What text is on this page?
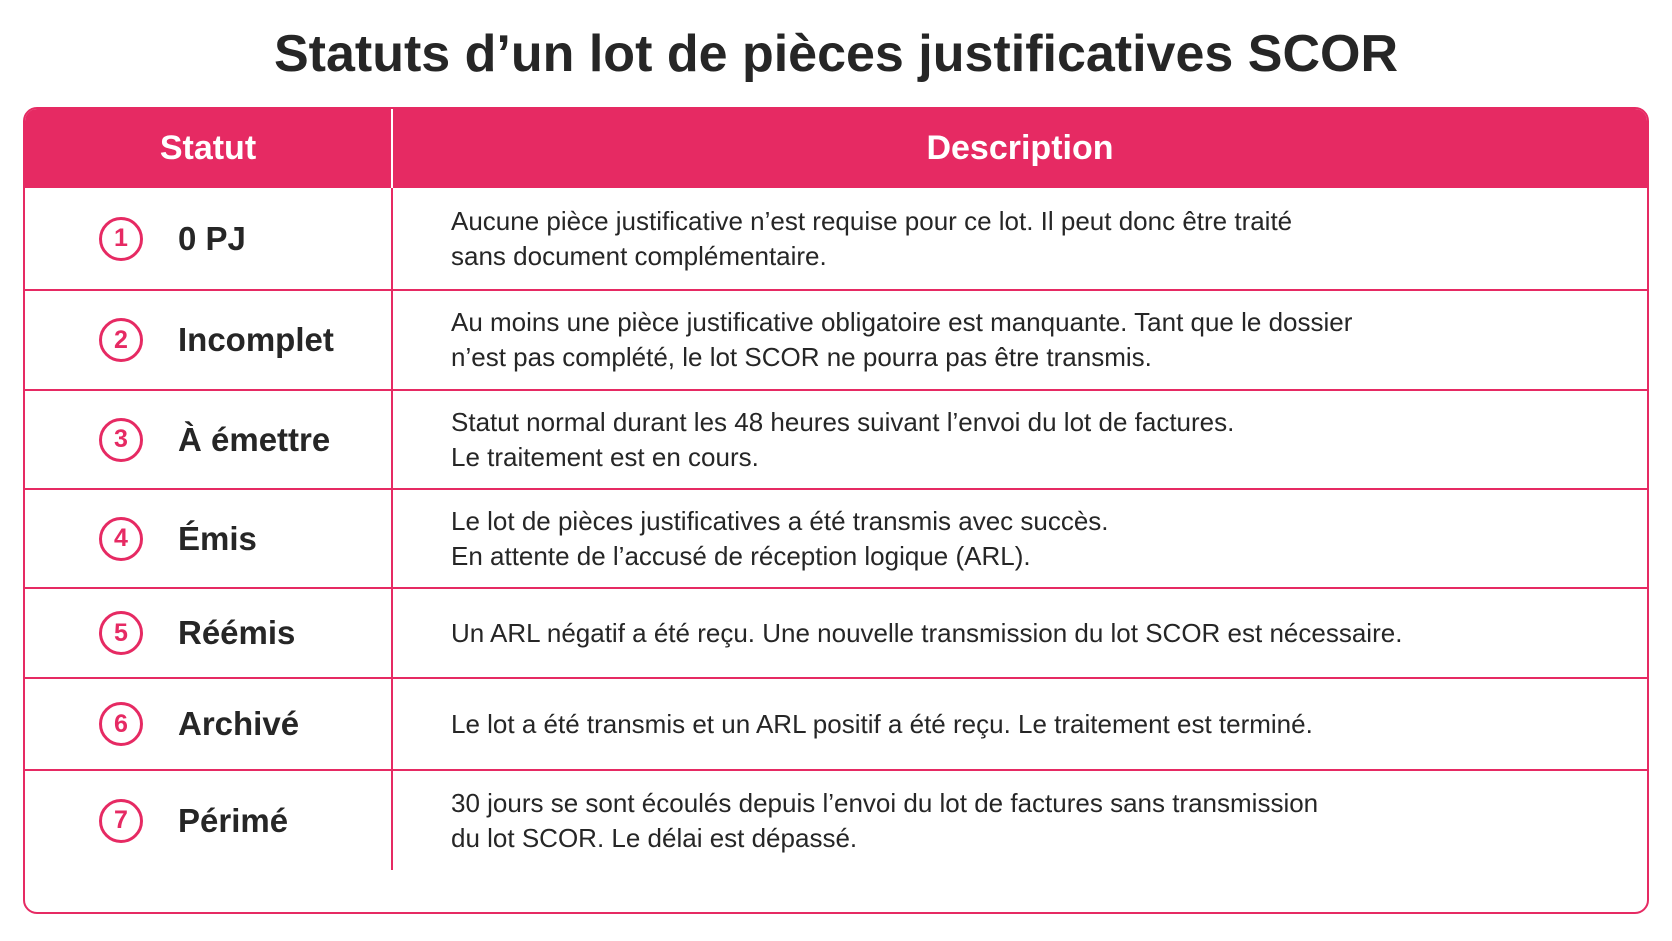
Statuts d’un lot de pièces justificatives SCOR
Statut	Description
1	0 PJ	Aucune pièce justificative n’est requise pour ce lot. Il peut donc être traité
sans document complémentaire.
2	Incomplet	Au moins une pièce justificative obligatoire est manquante. Tant que le dossier
n’est pas complété, le lot SCOR ne pourra pas être transmis.
3	À émettre	Statut normal durant les 48 heures suivant l’envoi du lot de factures.
Le traitement est en cours.
4	Émis	Le lot de pièces justificatives a été transmis avec succès.
En attente de l’accusé de réception logique (ARL).
5	Réémis	Un ARL négatif a été reçu. Une nouvelle transmission du lot SCOR est nécessaire.
6	Archivé	Le lot a été transmis et un ARL positif a été reçu. Le traitement est terminé.
7	Périmé	30 jours se sont écoulés depuis l’envoi du lot de factures sans transmission
du lot SCOR. Le délai est dépassé.
